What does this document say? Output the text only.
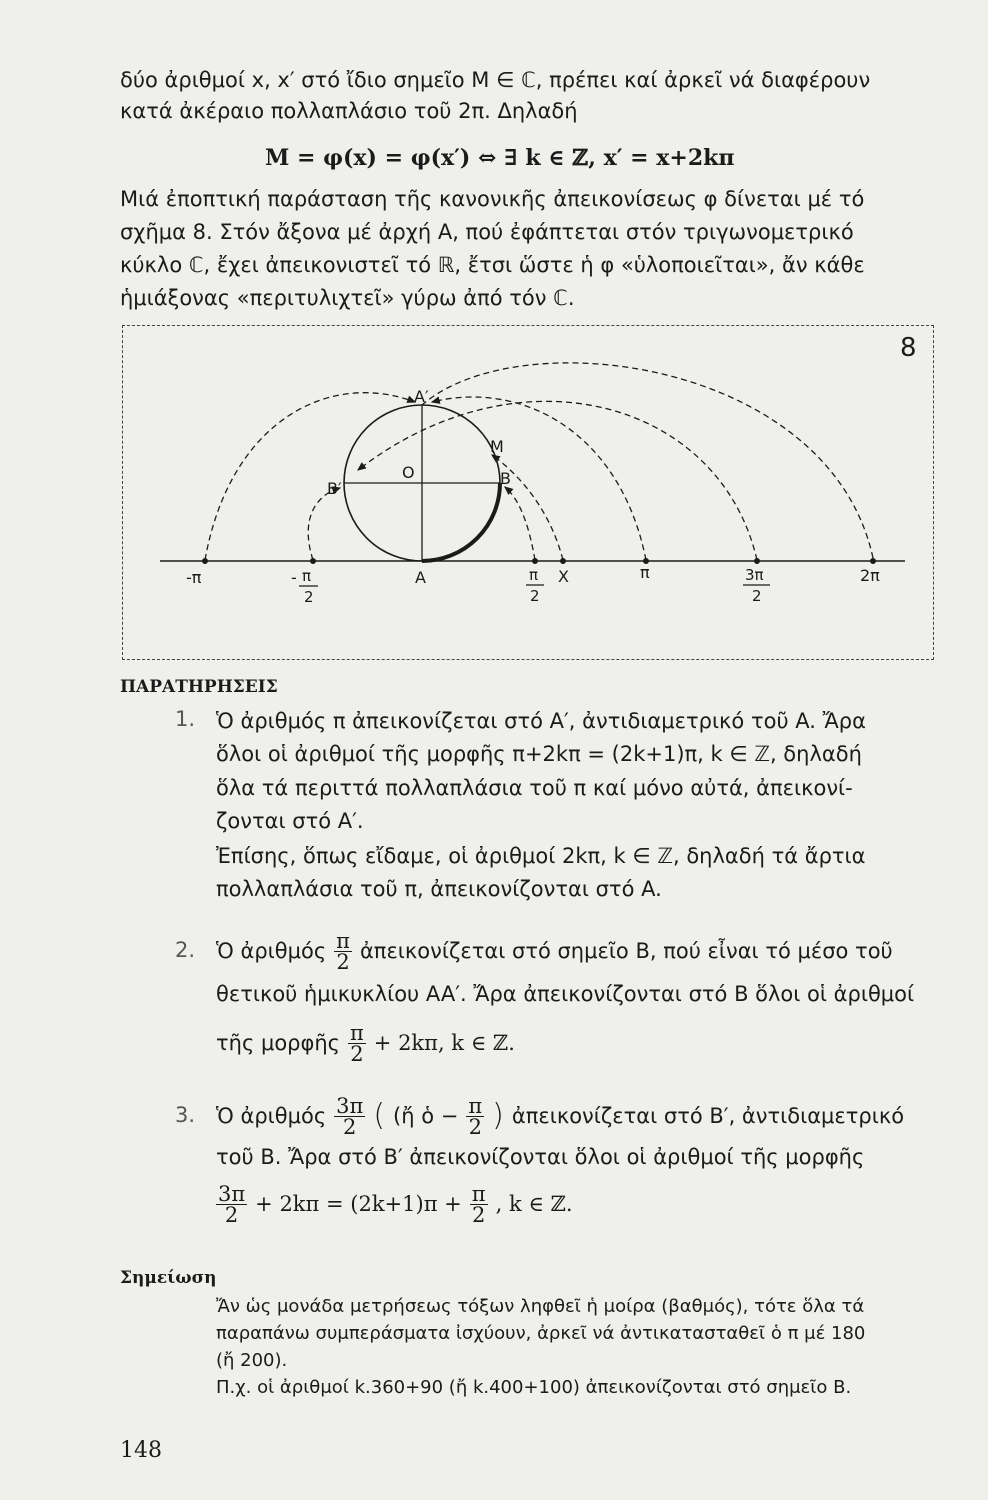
δύο ἀριθμοί x, x′ στό ἴδιο σημεῖο M ∈ ℂ, πρέπει καί ἀρκεῖ νά διαφέρουν
κατά ἀκέραιο πολλαπλάσιο τοῦ 2π. Δηλαδή
M = φ(x) = φ(x′) ⇔ ∃ k ∈ ℤ, x′ = x+2kπ
Μιά ἐποπτική παράσταση τῆς κανονικῆς ἀπεικονίσεως φ δίνεται μέ τό
σχῆμα 8. Στόν ἄξονα μέ ἀρχή A, πού ἐφάπτεται στόν τριγωνομετρικό
κύκλο ℂ, ἔχει ἀπεικονιστεῖ τό ℝ, ἔτσι ὥστε ἡ φ «ὑλοποιεῖται», ἄν κάθε
ἡμιάξονας «περιτυλιχτεῖ» γύρω ἀπό τόν ℂ.
8
A′
M
B′
O	B
-π	- π
2
A	π
2
X	π	3π
2
2π
ΠΑΡΑΤΗΡΗΣΕΙΣ
1. Ὁ ἀριθμός π ἀπεικονίζεται στό A′, ἀντιδιαμετρικό τοῦ A. Ἄρα
ὅλοι οἱ ἀριθμοί τῆς μορφῆς π+2kπ = (2k+1)π, k ∈ ℤ, δηλαδή
ὅλα τά περιττά πολλαπλάσια τοῦ π καί μόνο αὐτά, ἀπεικονί-
ζονται στό A′.
Ἐπίσης, ὅπως εἴδαμε, οἱ ἀριθμοί 2kπ, k ∈ ℤ, δηλαδή τά ἄρτια
πολλαπλάσια τοῦ π, ἀπεικονίζονται στό A.
2. Ὁ ἀριθμός $\frac{\pi}{2}$ ἀπεικονίζεται στό σημεῖο B, πού εἶναι τό μέσο τοῦ
θετικοῦ ἡμικυκλίου AA′. Ἄρα ἀπεικονίζονται στό B ὅλοι οἱ ἀριθμοί
τῆς μορφῆς $\frac{\pi}{2} + 2k\pi$, k ∈ ℤ.
3. Ὁ ἀριθμός $\frac{3\pi}{2}$ ( (ἤ ὁ − $\frac{\pi}{2}$ ) ἀπεικονίζεται στό B′, ἀντιδιαμετρικό
τοῦ B. Ἄρα στό B′ ἀπεικονίζονται ὅλοι οἱ ἀριθμοί τῆς μορφῆς
$\frac{3\pi}{2} + 2k\pi = (2k+1)\pi + \frac{\pi}{2}$ , k ∈ ℤ.
Σημείωση
Ἄν ὡς μονάδα μετρήσεως τόξων ληφθεῖ ἡ μοίρα (βαθμός), τότε ὅλα τά
παραπάνω συμπεράσματα ἰσχύουν, ἀρκεῖ νά ἀντικατασταθεῖ ὁ π μέ 180
(ἤ 200).
Π.χ. οἱ ἀριθμοί k.360+90 (ἤ k.400+100) ἀπεικονίζονται στό σημεῖο B.
148
